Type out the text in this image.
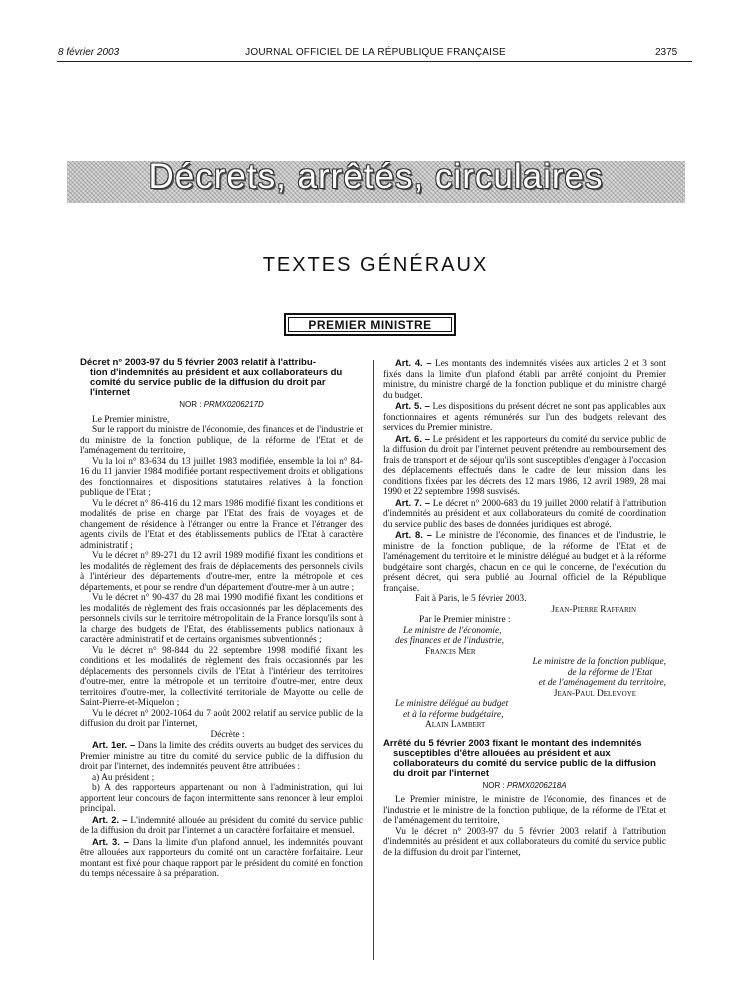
8 février 2003	JOURNAL OFFICIEL DE LA RÉPUBLIQUE FRANÇAISE	2375
Décrets, arrêtés, circulaires
TEXTES GÉNÉRAUX
PREMIER MINISTRE
Décret n° 2003-97 du 5 février 2003 relatif à l'attribu-
tion d'indemnités au président et aux collaborateurs du comité du service public de la diffusion du droit par l'internet
NOR : PRMX0206217D

Le Premier ministre,

Sur le rapport du ministre de l'économie, des finances et de l'industrie et du ministre de la fonction publique, de la réforme de l'Etat et de l'aménagement du territoire,

Vu la loi n° 83-634 du 13 juillet 1983 modifiée, ensemble la loi n° 84-16 du 11 janvier 1984 modifiée portant respectivement droits et obligations des fonctionnaires et dispositions statutaires relatives à la fonction publique de l'Etat ;

Vu le décret n° 86-416 du 12 mars 1986 modifié fixant les conditions et modalités de prise en charge par l'Etat des frais de voyages et de changement de résidence à l'étranger ou entre la France et l'étranger des agents civils de l'Etat et des établissements publics de l'Etat à caractère administratif ;

Vu le décret n° 89-271 du 12 avril 1989 modifié fixant les conditions et les modalités de règlement des frais de déplacements des personnels civils à l'intérieur des départements d'outre-mer, entre la métropole et ces départements, et pour se rendre d'un département d'outre-mer à un autre ;

Vu le décret n° 90-437 du 28 mai 1990 modifié fixant les conditions et les modalités de règlement des frais occasionnés par les déplacements des personnels civils sur le territoire métropolitain de la France lorsqu'ils sont à la charge des budgets de l'Etat, des établissements publics nationaux à caractère administratif et de certains organismes subventionnés ;

Vu le décret n° 98-844 du 22 septembre 1998 modifié fixant les conditions et les modalités de règlement des frais occasionnés par les déplacements des personnels civils de l'Etat à l'intérieur des territoires d'outre-mer, entre la métropole et un territoire d'outre-mer, entre deux territoires d'outre-mer, la collectivité territoriale de Mayotte ou celle de Saint-Pierre-et-Miquelon ;

Vu le décret n° 2002-1064 du 7 août 2002 relatif au service public de la diffusion du droit par l'internet,

Décrète :

Art. 1er. – Dans la limite des crédits ouverts au budget des services du Premier ministre au titre du comité du service public de la diffusion du droit par l'internet, des indemnités peuvent être attribuées :

a) Au président ;

b) A des rapporteurs appartenant ou non à l'administration, qui lui apportent leur concours de façon intermittente sans renoncer à leur emploi principal.

Art. 2. – L'indemnité allouée au président du comité du service public de la diffusion du droit par l'internet a un caractère forfaitaire et mensuel.

Art. 3. – Dans la limite d'un plafond annuel, les indemnités pouvant être allouées aux rapporteurs du comité ont un caractère forfaitaire. Leur montant est fixé pour chaque rapport par le président du comité en fonction du temps nécessaire à sa préparation.

Art. 4. – Les montants des indemnités visées aux articles 2 et 3 sont fixés dans la limite d'un plafond établi par arrêté conjoint du Premier ministre, du ministre chargé de la fonction publique et du ministre chargé du budget.

Art. 5. – Les dispositions du présent décret ne sont pas applicables aux fonctionnaires et agents rémunérés sur l'un des budgets relevant des services du Premier ministre.

Art. 6. – Le président et les rapporteurs du comité du service public de la diffusion du droit par l'internet peuvent prétendre au remboursement des frais de transport et de séjour qu'ils sont susceptibles d'engager à l'occasion des déplacements effectués dans le cadre de leur mission dans les conditions fixées par les décrets des 12 mars 1986, 12 avril 1989, 28 mai 1990 et 22 septembre 1998 susvisés.

Art. 7. – Le décret n° 2000-683 du 19 juillet 2000 relatif à l'attribution d'indemnités au président et aux collaborateurs du comité de coordination du service public des bases de données juridiques est abrogé.

Art. 8. – Le ministre de l'économie, des finances et de l'industrie, le ministre de la fonction publique, de la réforme de l'Etat et de l'aménagement du territoire et le ministre délégué au budget et à la réforme budgétaire sont chargés, chacun en ce qui le concerne, de l'exécution du présent décret, qui sera publié au Journal officiel de la République française.

Fait à Paris, le 5 février 2003.

Jean-Pierre Raffarin

Par le Premier ministre :

Le ministre de l'économie,

des finances et de l'industrie,

Francis Mer

Le ministre de la fonction publique,

de la réforme de l'Etat

et de l'aménagement du territoire,

Jean-Paul Delevoye

Le ministre délégué au budget

et à la réforme budgétaire,

Alain Lambert

Arrêté du 5 février 2003 fixant le montant des indemnités
susceptibles d'être allouées au président et aux collaborateurs du comité du service public de la diffusion du droit par l'internet
NOR : PRMX0206218A

Le Premier ministre, le ministre de l'économie, des finances et de l'industrie et le ministre de la fonction publique, de la réforme de l'Etat et de l'aménagement du territoire,

Vu le décret n° 2003-97 du 5 février 2003 relatif à l'attribution d'indemnités au président et aux collaborateurs du comité du service public de la diffusion du droit par l'internet,
